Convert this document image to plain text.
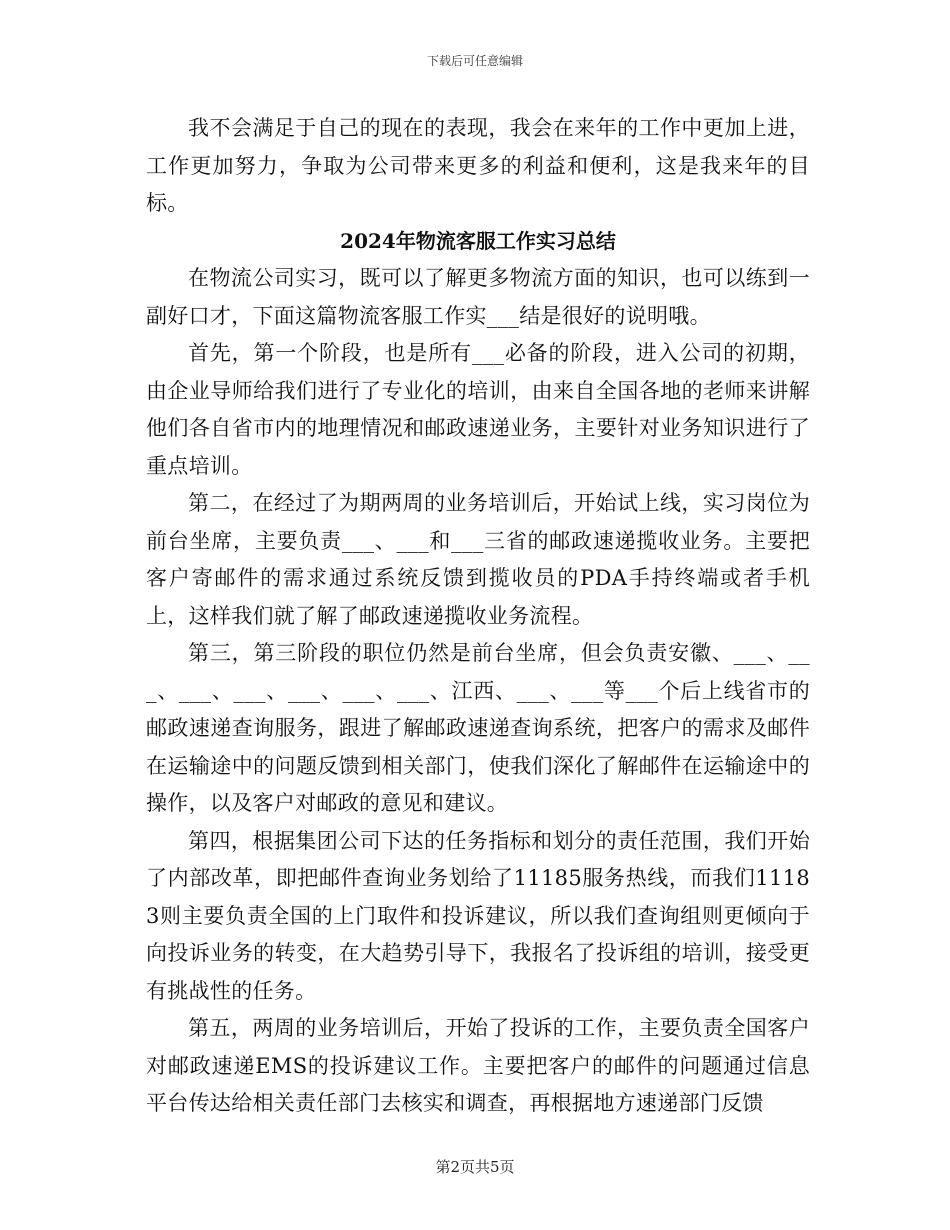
下载后可任意编辑

我不会满足于自己的现在的表现，我会在来年的工作中更加上进，工作更加努力，争取为公司带来更多的利益和便利，这是我来年的目标。

2024年物流客服工作实习总结

在物流公司实习，既可以了解更多物流方面的知识，也可以练到一副好口才，下面这篇物流客服工作实___结是很好的说明哦。

首先，第一个阶段，也是所有___必备的阶段，进入公司的初期，由企业导师给我们进行了专业化的培训，由来自全国各地的老师来讲解他们各自省市内的地理情况和邮政速递业务，主要针对业务知识进行了重点培训。

第二，在经过了为期两周的业务培训后，开始试上线，实习岗位为前台坐席，主要负责___、___和___三省的邮政速递揽收业务。主要把客户寄邮件的需求通过系统反馈到揽收员的PDA手持终端或者手机上，这样我们就了解了邮政速递揽收业务流程。

第三，第三阶段的职位仍然是前台坐席，但会负责安徽、___、___、___、___、___、___、___、江西、___、___等___个后上线省市的邮政速递查询服务，跟进了解邮政速递查询系统，把客户的需求及邮件在运输途中的问题反馈到相关部门，使我们深化了解邮件在运输途中的操作，以及客户对邮政的意见和建议。

第四，根据集团公司下达的任务指标和划分的责任范围，我们开始了内部改革，即把邮件查询业务划给了11185服务热线，而我们11183则主要负责全国的上门取件和投诉建议，所以我们查询组则更倾向于向投诉业务的转变，在大趋势引导下，我报名了投诉组的培训，接受更有挑战性的任务。

第五，两周的业务培训后，开始了投诉的工作，主要负责全国客户对邮政速递EMS的投诉建议工作。主要把客户的邮件的问题通过信息平台传达给相关责任部门去核实和调查，再根据地方速递部门反馈

第2页共5页
